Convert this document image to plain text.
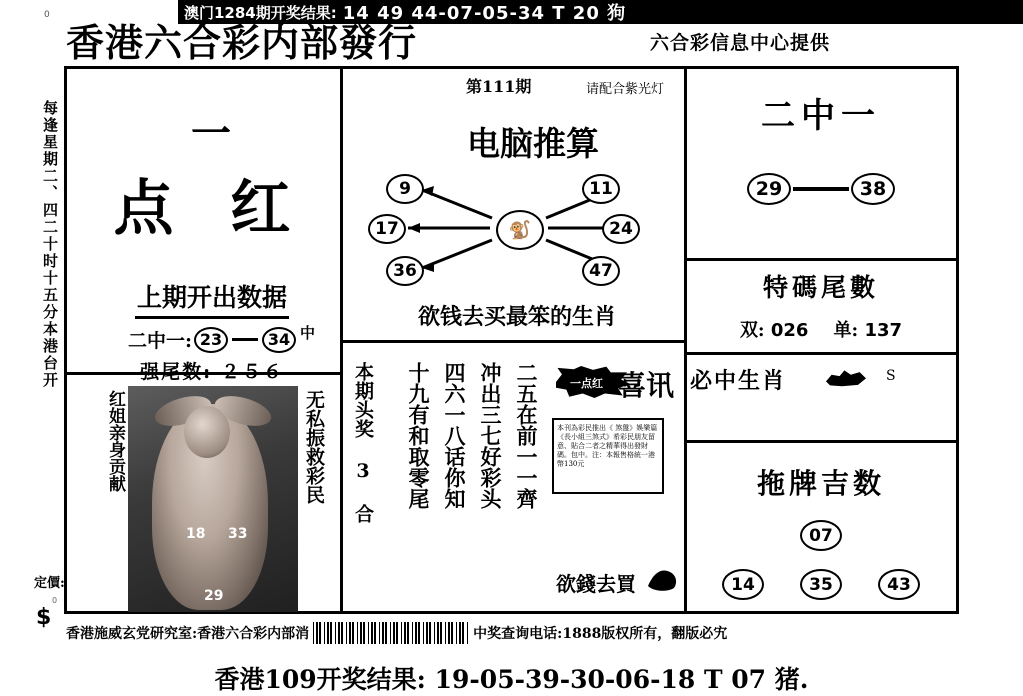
0	澳门1284期开奖结果: 14 49 44-07-05-34 T 20 狗
香港六合彩内部發行	六合彩信息中心提供
每逢星期二、四二十时十五分本港台开
定價:
0
$
一
点 红
上期开出数据
二中一: 23	34
强尾数: ２５６
中
18 33
29
红姐亲身贡献	无私振救彩民
第111期	请配合紫光灯
电脑推算
9	11
17	24
36	47
🐒
欲钱去买最笨的生肖
本期头奖 3 合 十九有和取零尾 四六一八话你知 冲出三七好彩头 二五在前一一齊	一点红 喜讯
本刊為彩民推出《 煞盤》娛樂篇《長小組三煞式》希彩民朋友留意、貼合二者之精華得出發財碼。包中。注：本報售格統一港幣130元
欲錢去買
二中一
29	38
特碼尾數
双: 026 单: 137
必中生肖	S
拖牌吉数
07
14	35	43
香港施威玄党研究室:香港六合彩内部消	中奖查询电话:1888版权所有，翻版必宄
香港109开奖结果: 19-05-39-30-06-18 T 07 猪.
